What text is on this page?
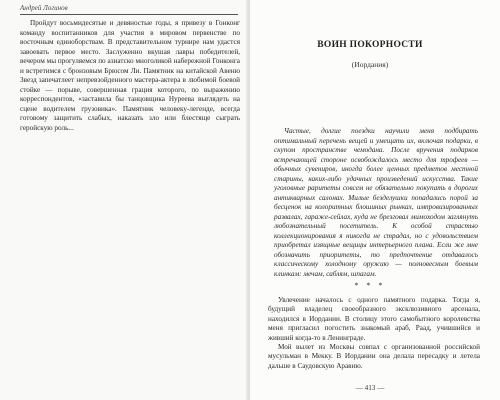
Андрей Логинов

Пройдут восьмидесятые и девяностые годы, я привезу в Гонконг команду воспитанников для участия в мировом первенстве по восточным единоборствам. В представительном турнире нам удастся завоевать первое место. Заслуженно вкушая лавры победителей, вечером мы прогуляемся по азиатско многоликой набережной Гонконга и встретимся с бронзовым Брюсом Ли. Памятник на китайской Авеню Звезд запечатлеет непревзойденного мастера-актера в любимой боевой стойке — порыве, совершенная грация которого, по выражению корреспондентов, «заставила бы танцовщика Нуреева выглядеть на сцене водителем грузовика». Памятник человеку-легенде, всегда готовому защитить слабых, наказать зло или блестяще сыграть геройскую роль...

ВОИН ПОКОРНОСТИ
(Иордания)

Частые, долгие поездки научили меня подбирать оптимальный перечень вещей и умещать их, включая подарки, в скупом пространстве чемодана. После вручения подарков встречающей стороне освобождалось место для трофеев — обычных сувениров, иногда более ценных предметов местной старины, каких-либо удачных произведений искусства. Такие уголовные раритеты совсем не обязательно покупать в дорогих антикварных салонах. Милые безделушки попадались порой за бесценок на колоритных блошиных рынках, импровизированных развалах, гараже-сейлах, куда не брезговал мимоходом заглянуть любознательный посетитель. К особой страстью коллекционирования я никогда не страдал, но с удовольствием приобретал изящные вещицы интерьерного плана. Если же мне обозначить приоритеты, то предпочтение отдавалось классическому холодному оружию — полновесным боевым клинкам: мечам, саблям, шпагам.

* * *

Увлечение началось с одного памятного подарка. Тогда я, будущий владелец своеобразного эксклюзивного арсенала, находился в Иордании. В столицу этого самобытного королевства меня пригласил погостить знакомый араб, Раад, учившийся и живший когда-то в Ленинграде.

Мой вылет из Москвы совпал с организованной российской мусульман в Мекку. В Иордании она делала пересадку и летела дальше в Саудовскую Аравию.

— 413 —
